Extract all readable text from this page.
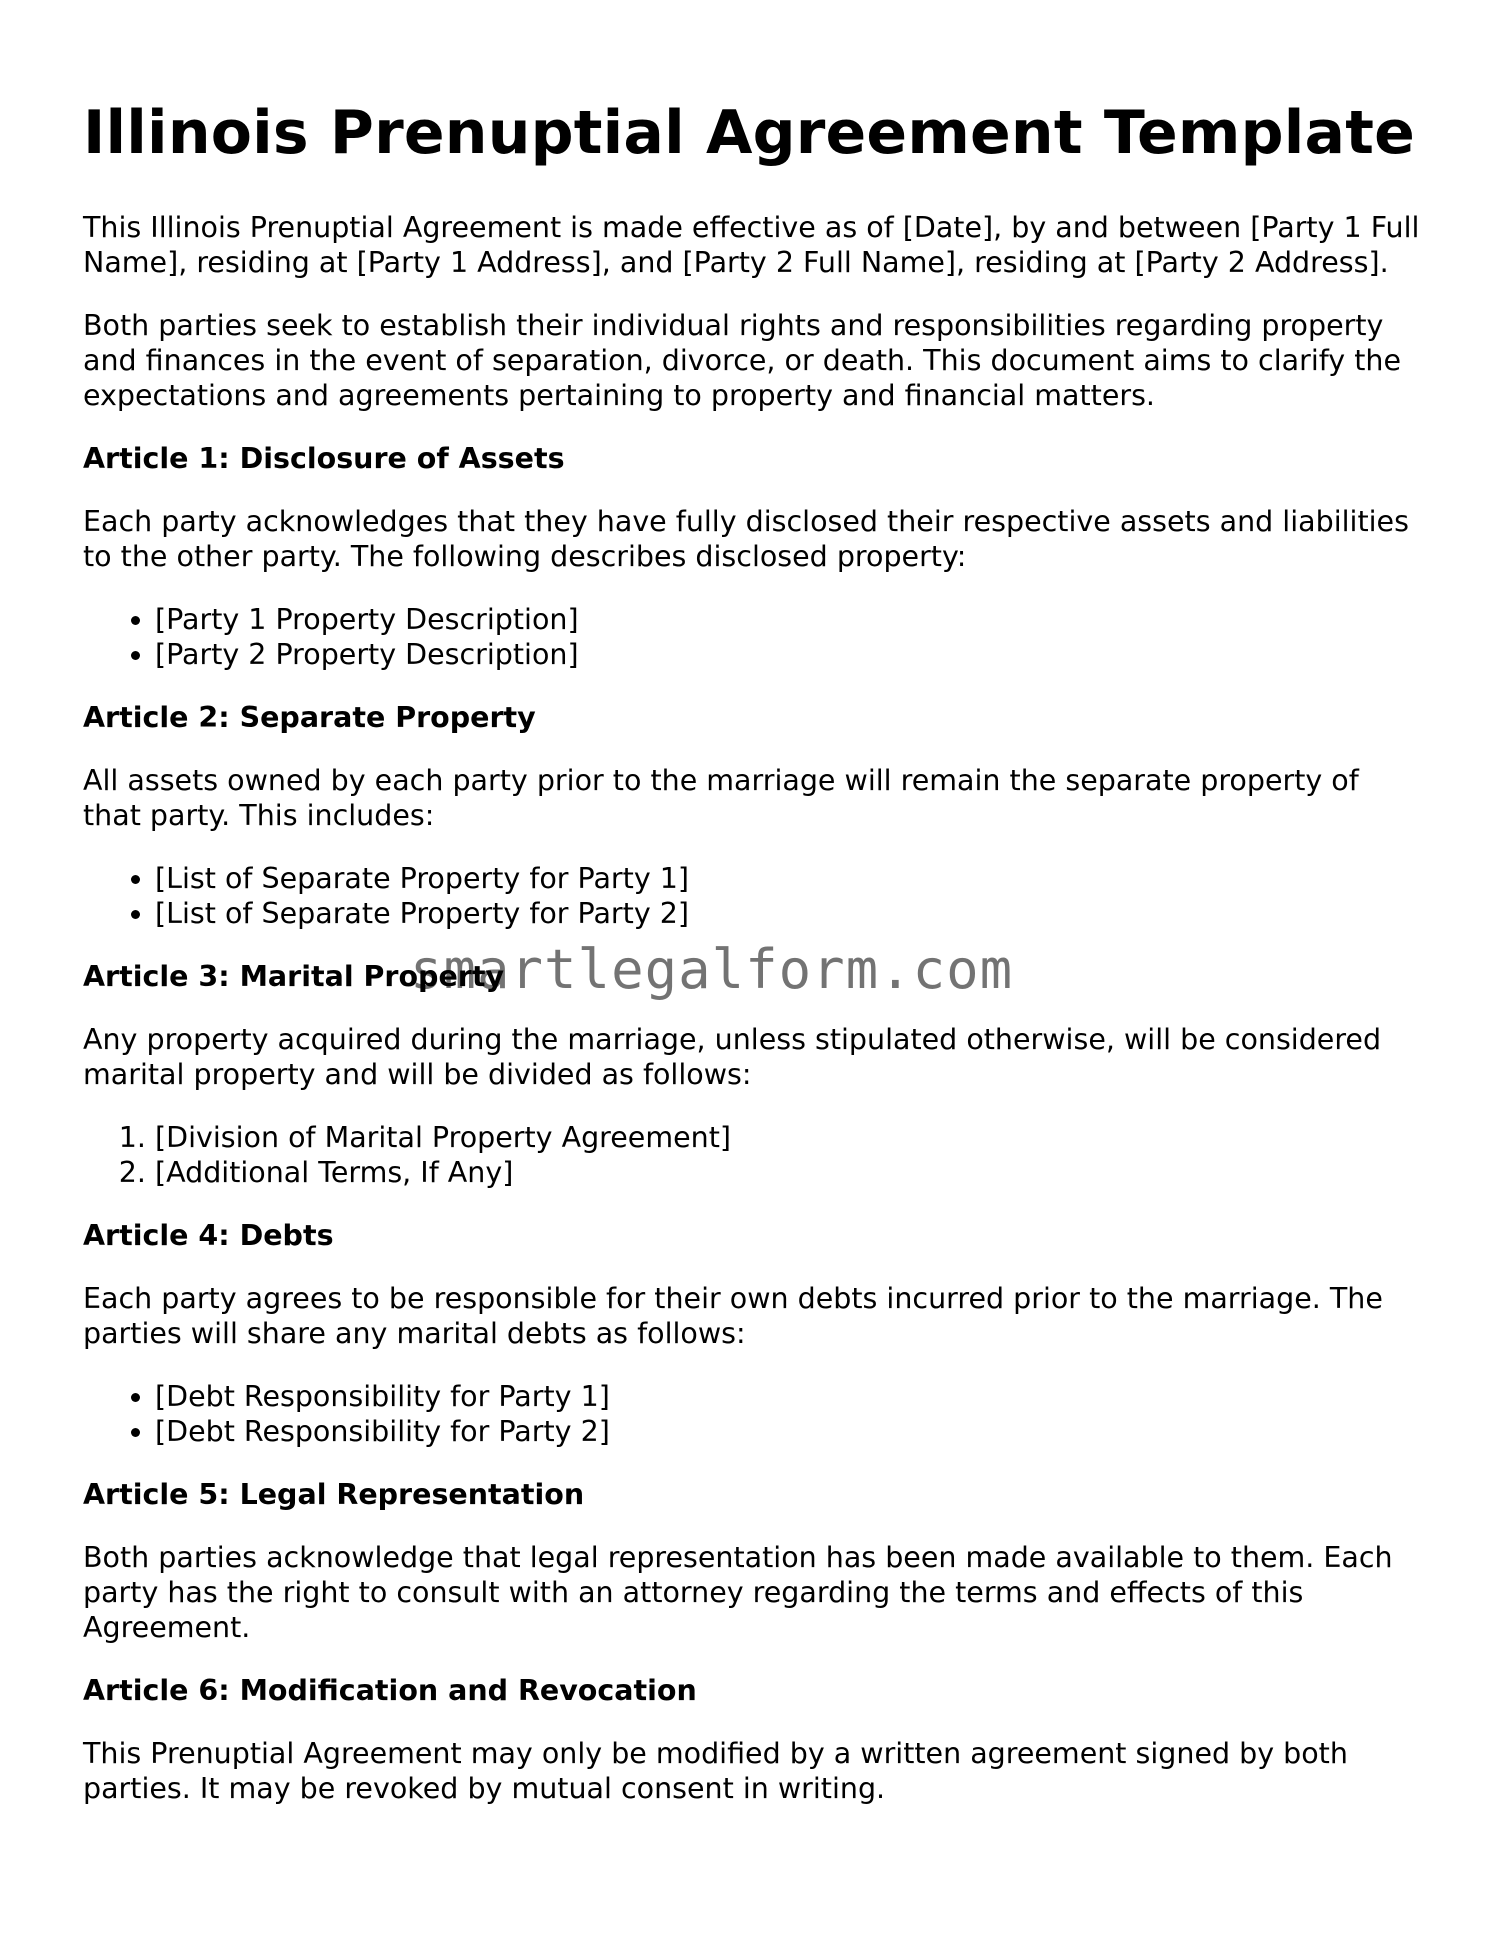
Illinois Prenuptial Agreement Template

This Illinois Prenuptial Agreement is made effective as of [Date], by and between [Party 1 Full Name], residing at [Party 1 Address], and [Party 2 Full Name], residing at [Party 2 Address].

Both parties seek to establish their individual rights and responsibilities regarding property and finances in the event of separation, divorce, or death. This document aims to clarify the expectations and agreements pertaining to property and financial matters.

Article 1: Disclosure of Assets

Each party acknowledges that they have fully disclosed their respective assets and liabilities to the other party. The following describes disclosed property:

• [Party 1 Property Description]
• [Party 2 Property Description]
Article 2: Separate Property

All assets owned by each party prior to the marriage will remain the separate property of that party. This includes:

• [List of Separate Property for Party 1]
• [List of Separate Property for Party 2]
Article 3: Marital Property

Any property acquired during the marriage, unless stipulated otherwise, will be considered marital property and will be divided as follows:

1. [Division of Marital Property Agreement]
2. [Additional Terms, If Any]
Article 4: Debts

Each party agrees to be responsible for their own debts incurred prior to the marriage. The parties will share any marital debts as follows:

• [Debt Responsibility for Party 1]
• [Debt Responsibility for Party 2]
Article 5: Legal Representation

Both parties acknowledge that legal representation has been made available to them. Each party has the right to consult with an attorney regarding the terms and effects of this Agreement.

Article 6: Modification and Revocation

This Prenuptial Agreement may only be modified by a written agreement signed by both parties. It may be revoked by mutual consent in writing.

smartlegalform.com
